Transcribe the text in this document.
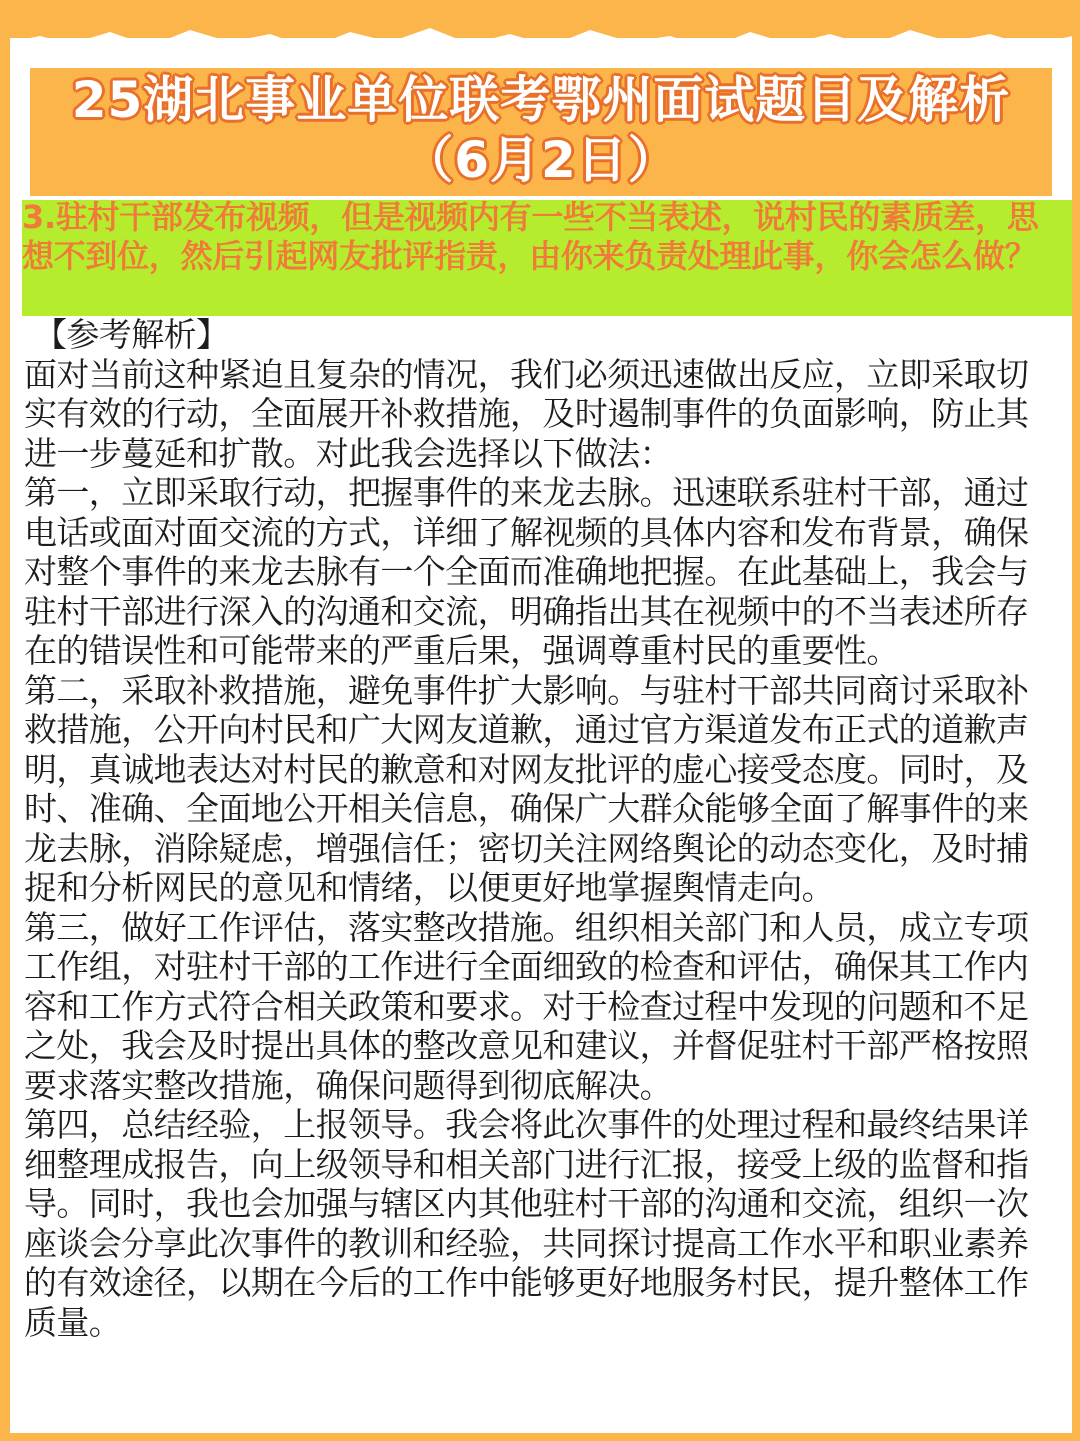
25湖北事业单位联考鄂州面试题目及解析
（6月2日）
3.驻村干部发布视频，但是视频内有一些不当表述，说村民的素质差，思想不到位，然后引起网友批评指责，由你来负责处理此事，你会怎么做？

【参考解析】

面对当前这种紧迫且复杂的情况，我们必须迅速做出反应，立即采取切实有效的行动，全面展开补救措施，及时遏制事件的负面影响，防止其进一步蔓延和扩散。对此我会选择以下做法：

第一，立即采取行动，把握事件的来龙去脉。迅速联系驻村干部，通过电话或面对面交流的方式，详细了解视频的具体内容和发布背景，确保对整个事件的来龙去脉有一个全面而准确地把握。在此基础上，我会与驻村干部进行深入的沟通和交流，明确指出其在视频中的不当表述所存在的错误性和可能带来的严重后果，强调尊重村民的重要性。

第二，采取补救措施，避免事件扩大影响。与驻村干部共同商讨采取补救措施，公开向村民和广大网友道歉，通过官方渠道发布正式的道歉声明，真诚地表达对村民的歉意和对网友批评的虚心接受态度。同时，及时、准确、全面地公开相关信息，确保广大群众能够全面了解事件的来龙去脉，消除疑虑，增强信任；密切关注网络舆论的动态变化，及时捕捉和分析网民的意见和情绪，以便更好地掌握舆情走向。

第三，做好工作评估，落实整改措施。组织相关部门和人员，成立专项工作组，对驻村干部的工作进行全面细致的检查和评估，确保其工作内容和工作方式符合相关政策和要求。对于检查过程中发现的问题和不足之处，我会及时提出具体的整改意见和建议，并督促驻村干部严格按照要求落实整改措施，确保问题得到彻底解决。

第四，总结经验，上报领导。我会将此次事件的处理过程和最终结果详细整理成报告，向上级领导和相关部门进行汇报，接受上级的监督和指导。同时，我也会加强与辖区内其他驻村干部的沟通和交流，组织一次座谈会分享此次事件的教训和经验，共同探讨提高工作水平和职业素养的有效途径，以期在今后的工作中能够更好地服务村民，提升整体工作质量。
